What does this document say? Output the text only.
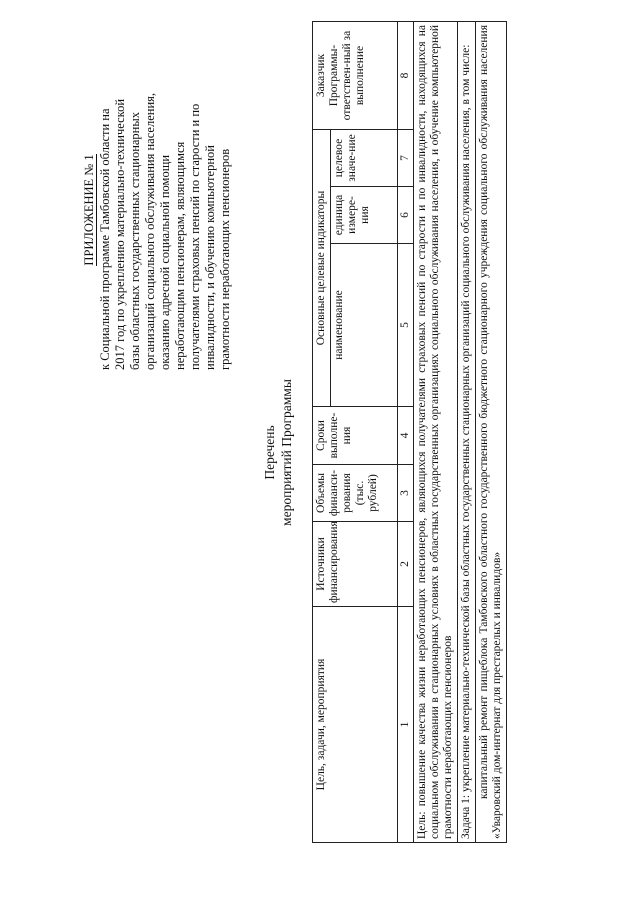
ПРИЛОЖЕНИЕ № 1 к Социальной программе Тамбовской области на 2017 год по укреплению материально-технической базы областных государственных стационарных организаций социального обслуживания населения, оказанию адресной социальной помощи неработающим пенсионерам, являющимся получателями страховых пенсий по старости и по инвалидности, и обучению компьютерной грамотности неработающих пенсионеров
Перечень мероприятий Программы
Цель, задачи, мероприятия	Источники финансирования	Объемы финанси-рования (тыс. рублей)	Сроки выполне-ния	Основные целевые индикаторы			Заказчик Программы-ответствен-ный за выполнение
				наименование	единица измере-ния	целевое значе-ние	
1	2	3	4	5	6	7	8
Цель: повышение качества жизни неработающих пенсионеров, являющихся получателями страховых пенсий по старости и по инвалидности, находящихся на социальном обслуживании в стационарных условиях в областных государственных организациях социального обслуживания населения, и обучение компьютерной грамотности неработающих пенсионеров							
Задача 1: укрепление материально-технической базы областных государственных стационарных организаций социального обслуживания населения, в том числе:							
капитальный ремонт пищеблока Тамбовского областного государственного бюджетного стационарного учреждения социального обслуживания населения «Уваровский дом-интернат для престарелых и инвалидов»							
